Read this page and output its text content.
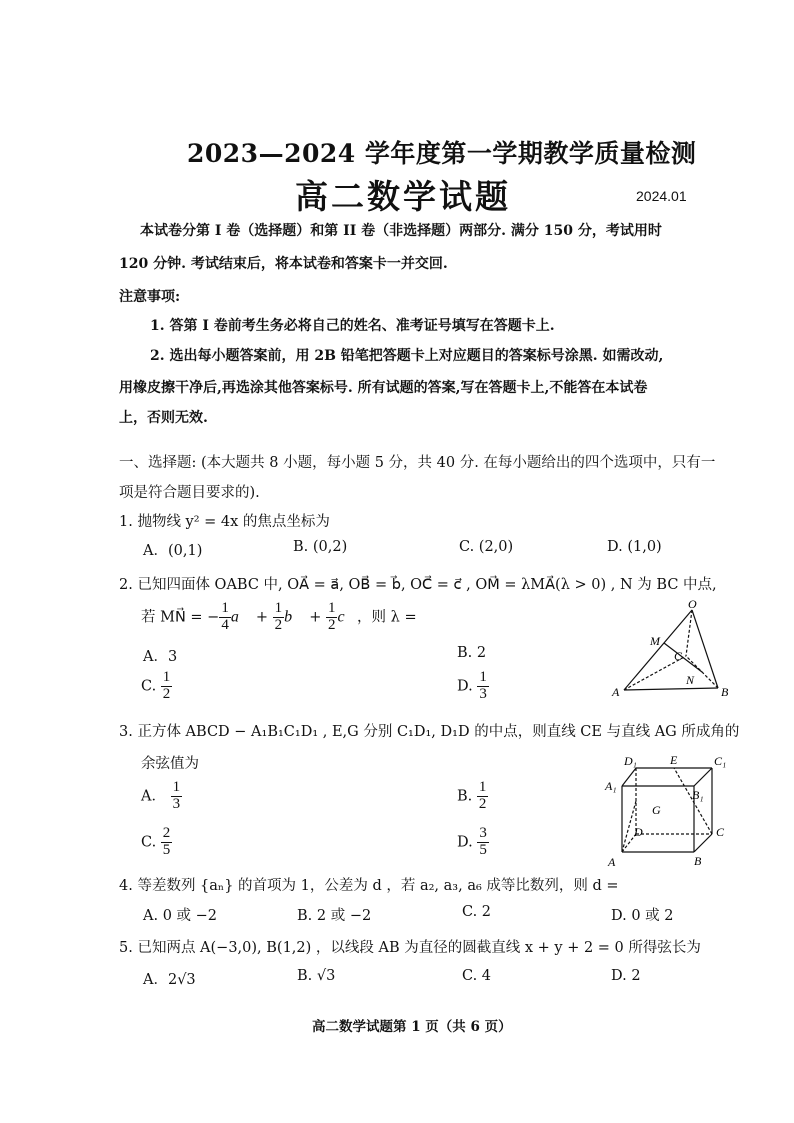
2023—2024 学年度第一学期教学质量检测
高二数学试题	2024.01
本试卷分第 I 卷（选择题）和第 II 卷（非选择题）两部分. 满分 150 分，考试用时
120 分钟. 考试结束后，将本试卷和答案卡一并交回.
注意事项:
1. 答第 I 卷前考生务必将自己的姓名、准考证号填写在答题卡上.
2. 选出每小题答案前，用 2B 铅笔把答题卡上对应题目的答案标号涂黑. 如需改动,
用橡皮擦干净后,再选涂其他答案标号. 所有试题的答案,写在答题卡上,不能答在本试卷
上，否则无效.
一、选择题: (本大题共 8 小题，每小题 5 分，共 40 分. 在每小题给出的四个选项中，只有一
项是符合题目要求的).
1. 抛物线 y² = 4x 的焦点坐标为
A．(0,1)	B. (0,2)	C. (2,0)	D. (1,0)
2. 已知四面体 OABC 中, OA⃗ = a⃗, OB⃗ = b⃗, OC⃗ = c⃗ , OM⃗ = λMA⃗(λ > 0) , N 为 BC 中点,
若 MN⃗ = − $\frac{1}{4}$ a⃗ + $\frac{1}{2}$ b⃗ + $\frac{1}{2}$ c⃗，则 λ =
A．3	B. 2
C. $\frac{1}{2}$	D. $\frac{1}{3}$
O
M
C
N
A	B
3. 正方体 ABCD − A₁B₁C₁D₁ , E,G 分别 C₁D₁, D₁D 的中点，则直线 CE 与直线 AG 所成角的
余弦值为
A． $\frac{1}{3}$	B. $\frac{1}{2}$
C. $\frac{2}{5}$	D. $\frac{3}{5}$
D₁	E	C₁
A₁
B₁
G
D	C
A	B
4. 等差数列 {aₙ} 的首项为 1，公差为 d ，若 a₂, a₃, a₆ 成等比数列，则 d =
A. 0 或 −2	B. 2 或 −2	C. 2	D. 0 或 2
5. 已知两点 A(−3,0), B(1,2) ，以线段 AB 为直径的圆截直线 x + y + 2 = 0 所得弦长为
A．2√3	B. √3	C. 4	D. 2
高二数学试题第 1 页（共 6 页）
